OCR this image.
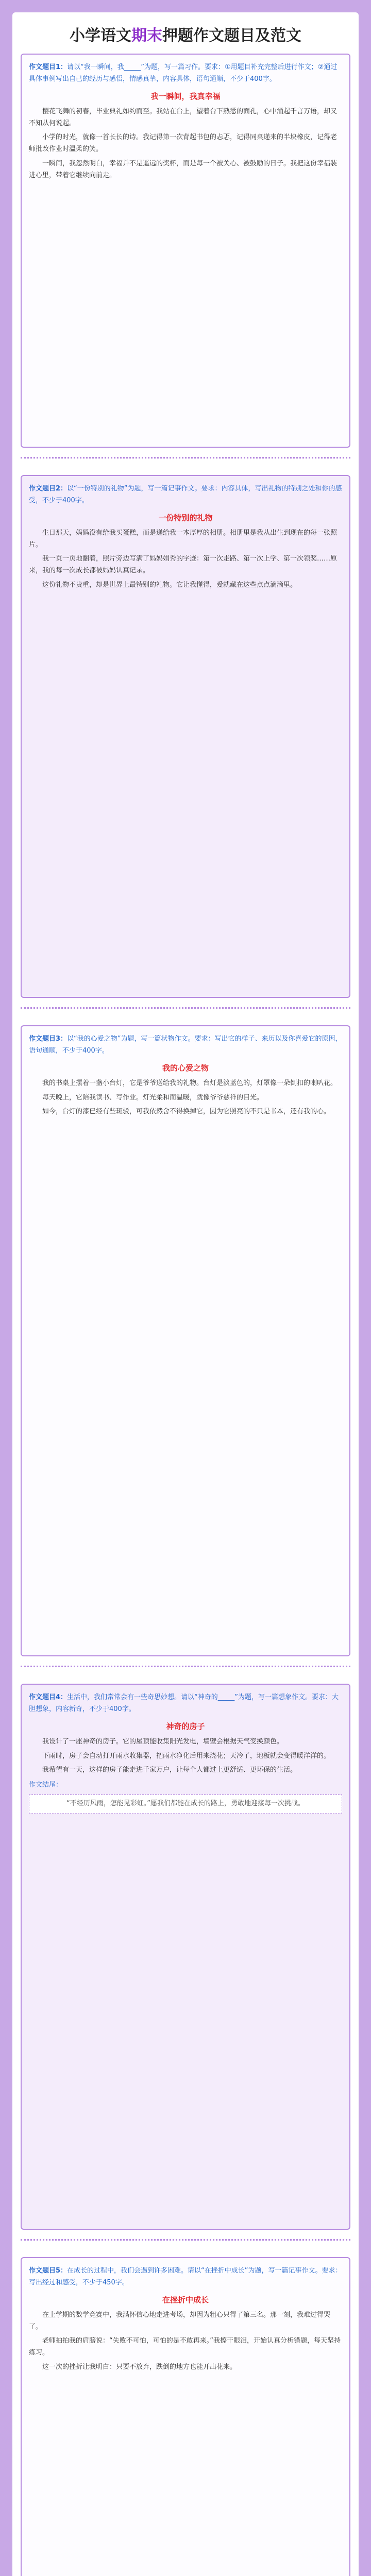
小学语文期末押题作文题目及范文
作文题目1：请以“我一瞬间，我_____”为题，写一篇习作。要求：①用题目补充完整后进行作文；②通过具体事例写出自己的经历与感悟，情感真挚，内容具体，语句通顺，不少于400字。
我一瞬间，我真幸福

樱花飞舞的初春，毕业典礼如约而至。我站在台上，望着台下熟悉的面孔，心中涌起千言万语，却又不知从何说起。

小学的时光，就像一首长长的诗。我记得第一次背起书包的忐忑，记得同桌递来的半块橡皮，记得老师批改作业时温柔的笑。

一瞬间，我忽然明白，幸福并不是遥远的奖杯，而是每一个被关心、被鼓励的日子。我把这份幸福装进心里，带着它继续向前走。

作文题目2：以“一份特别的礼物”为题，写一篇记事作文。要求：内容具体，写出礼物的特别之处和你的感受，不少于400字。
一份特别的礼物

生日那天，妈妈没有给我买蛋糕，而是递给我一本厚厚的相册。相册里是我从出生到现在的每一张照片。

我一页一页地翻着，照片旁边写满了妈妈娟秀的字迹：第一次走路、第一次上学、第一次领奖……原来，我的每一次成长都被妈妈认真记录。

这份礼物不贵重，却是世界上最特别的礼物。它让我懂得，爱就藏在这些点点滴滴里。

作文题目3：以“我的心爱之物”为题，写一篇状物作文。要求：写出它的样子、来历以及你喜爱它的原因，语句通顺，不少于400字。
我的心爱之物

我的书桌上摆着一盏小台灯，它是爷爷送给我的礼物。台灯是淡蓝色的，灯罩像一朵倒扣的喇叭花。

每天晚上，它陪我读书、写作业。灯光柔和而温暖，就像爷爷慈祥的目光。

如今，台灯的漆已经有些斑驳，可我依然舍不得换掉它，因为它照亮的不只是书本，还有我的心。

作文题目4：生活中，我们常常会有一些奇思妙想。请以“神奇的_____”为题，写一篇想象作文。要求：大胆想象，内容新奇，不少于400字。
神奇的房子

我设计了一座神奇的房子。它的屋顶能收集阳光发电，墙壁会根据天气变换颜色。

下雨时，房子会自动打开雨水收集器，把雨水净化后用来浇花；天冷了，地板就会变得暖洋洋的。

我希望有一天，这样的房子能走进千家万户，让每个人都过上更舒适、更环保的生活。

作文结尾：
“不经历风雨，怎能见彩虹。”愿我们都能在成长的路上，勇敢地迎接每一次挑战。
作文题目5：在成长的过程中，我们会遇到许多困难。请以“在挫折中成长”为题，写一篇记事作文。要求：写出经过和感受，不少于450字。
在挫折中成长

在上学期的数学竞赛中，我满怀信心地走进考场，却因为粗心只得了第三名。那一刻，我难过得哭了。

老师拍拍我的肩膀说：“失败不可怕，可怕的是不敢再来。”我擦干眼泪，开始认真分析错题，每天坚持练习。

这一次的挫折让我明白：只要不放弃，跌倒的地方也能开出花来。
